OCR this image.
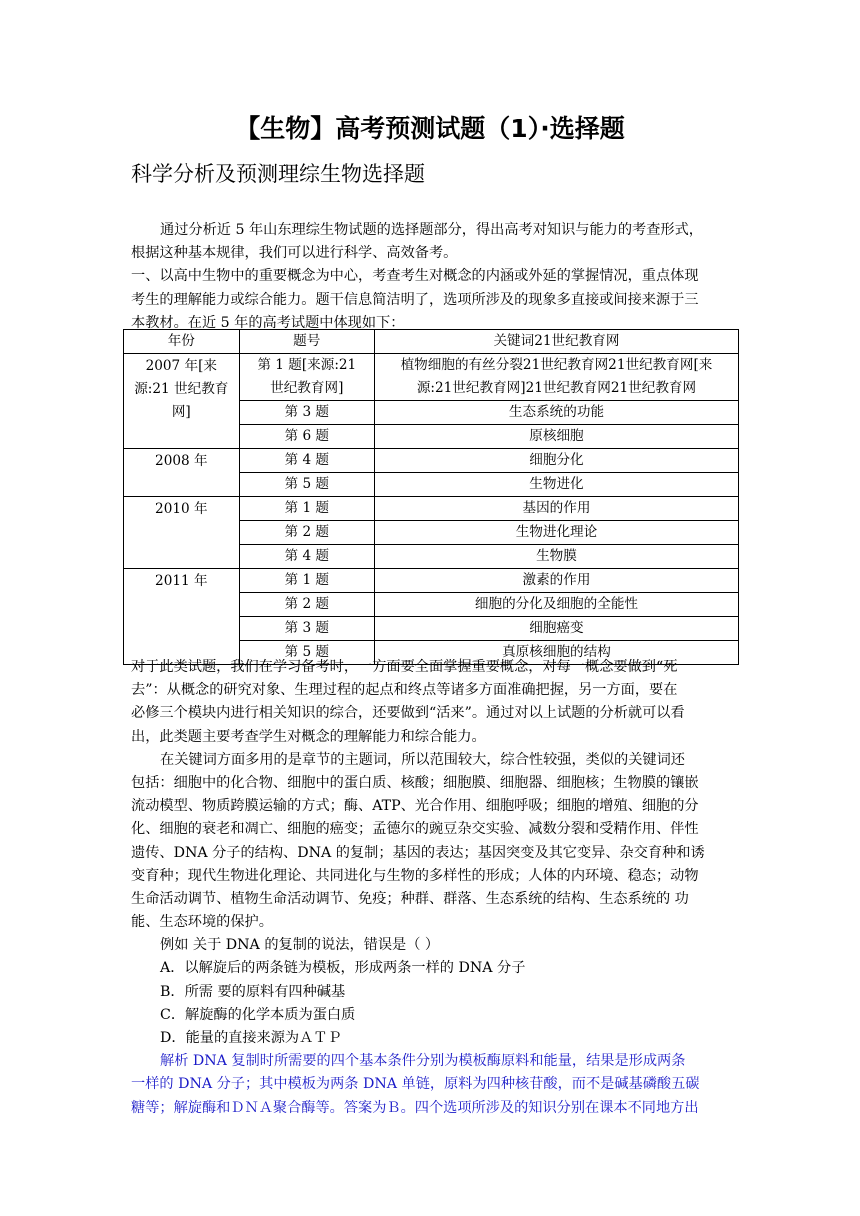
【生物】高考预测试题（1）·选择题
科学分析及预测理综生物选择题
通过分析近 5 年山东理综生物试题的选择题部分，得出高考对知识与能力的考查形式，
根据这种基本规律，我们可以进行科学、高效备考。
一、以高中生物中的重要概念为中心，考查考生对概念的内涵或外延的掌握情况，重点体现
考生的理解能力或综合能力。题干信息简洁明了，选项所涉及的现象多直接或间接来源于三
本教材。在近 5 年的高考试题中体现如下：
年份	题号	关键词21世纪教育网

2007 年[来
源:21 世纪教育
网]	第 1 题[来源:21
世纪教育网]	植物细胞的有丝分裂21世纪教育网21世纪教育网[来
源:21世纪教育网]21世纪教育网21世纪教育网

	第 3 题	生态系统的功能
	第 6 题	原核细胞
2008 年	第 4 题	细胞分化
	第 5 题	生物进化
2010 年	第 1 题	基因的作用
	第 2 题	生物进化理论
	第 4 题	生物膜
2011 年	第 1 题	激素的作用
	第 2 题	细胞的分化及细胞的全能性
	第 3 题	细胞癌变
	第 5 题	真原核细胞的结构
对于此类试题，我们在学习备考时，一方面要全面掌握重要概念，对每一概念要做到“死
去”：从概念的研究对象、生理过程的起点和终点等诸多方面准确把握，另一方面，要在
必修三个模块内进行相关知识的综合，还要做到“活来”。通过对以上试题的分析就可以看
出，此类题主要考查学生对概念的理解能力和综合能力。
在关键词方面多用的是章节的主题词，所以范围较大，综合性较强，类似的关键词还
包括：细胞中的化合物、细胞中的蛋白质、核酸；细胞膜、细胞器、细胞核；生物膜的镶嵌
流动模型、物质跨膜运输的方式；酶、ATP、光合作用、细胞呼吸；细胞的增殖、细胞的分
化、细胞的衰老和凋亡、细胞的癌变；孟德尔的豌豆杂交实验、减数分裂和受精作用、伴性
遗传、DNA 分子的结构、DNA 的复制；基因的表达；基因突变及其它变异、杂交育种和诱
变育种；现代生物进化理论、共同进化与生物的多样性的形成；人体的内环境、稳态；动物
生命活动调节、植物生命活动调节、免疫；种群、群落、生态系统的结构、生态系统的 功
能、生态环境的保护。
例如 关于 DNA 的复制的说法，错误是（ ）
A．以解旋后的两条链为模板，形成两条一样的 DNA 分子
B．所需 要的原料有四种碱基
C．解旋酶的化学本质为蛋白质
D．能量的直接来源为ＡＴＰ
解析 DNA 复制时所需要的四个基本条件分别为模板酶原料和能量，结果是形成两条
一样的 DNA 分子；其中模板为两条 DNA 单链，原料为四种核苷酸，而不是碱基磷酸五碳
糖等；解旋酶和ＤＮＡ聚合酶等。答案为Ｂ。四个选项所涉及的知识分别在课本不同地方出
